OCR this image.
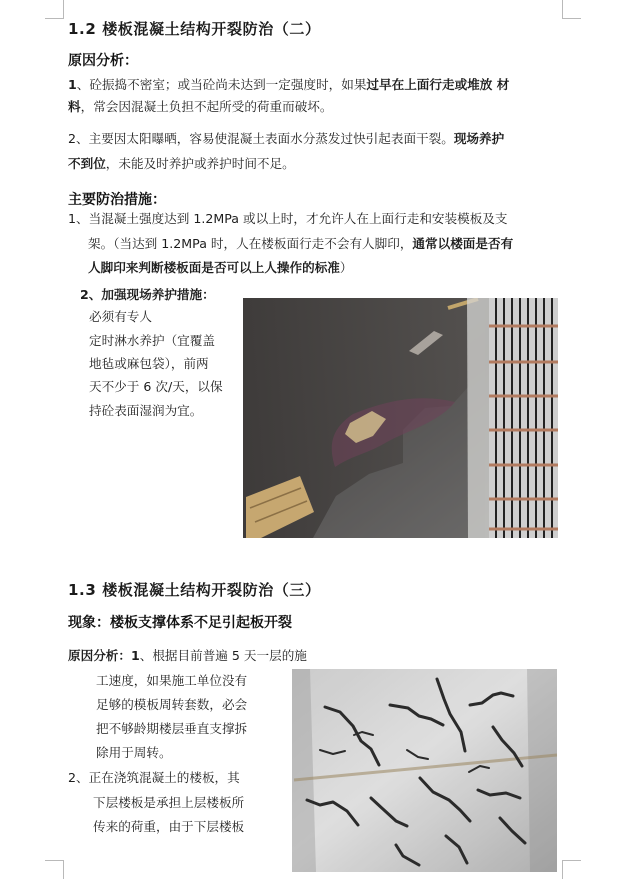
1.2 楼板混凝土结构开裂防治（二）
原因分析：
1、砼振捣不密室；或当砼尚未达到一定强度时，如果过早在上面行走或堆放 材
料，常会因混凝土负担不起所受的荷重而破坏。
2、主要因太阳曝晒，容易使混凝土表面水分蒸发过快引起表面干裂。现场养护
不到位，未能及时养护或养护时间不足。
主要防治措施：
1、当混凝土强度达到 1.2MPa 或以上时，才允许人在上面行走和安装模板及支
架。（当达到 1.2MPa 时，人在楼板面行走不会有人脚印，通常以楼面是否有
人脚印来判断楼板面是否可以上人操作的标准）
2、加强现场养护措施：
必须有专人
定时淋水养护（宜覆盖
地毡或麻包袋），前两
天不少于 6 次/天，以保
持砼表面湿润为宜。
1.3 楼板混凝土结构开裂防治（三）
现象：楼板支撑体系不足引起板开裂
原因分析：1、根据目前普遍 5 天一层的施
工速度，如果施工单位没有
足够的模板周转套数，必会
把不够龄期楼层垂直支撑拆
除用于周转。
2、正在浇筑混凝土的楼板，其
下层楼板是承担上层楼板所
传来的荷重，由于下层楼板
